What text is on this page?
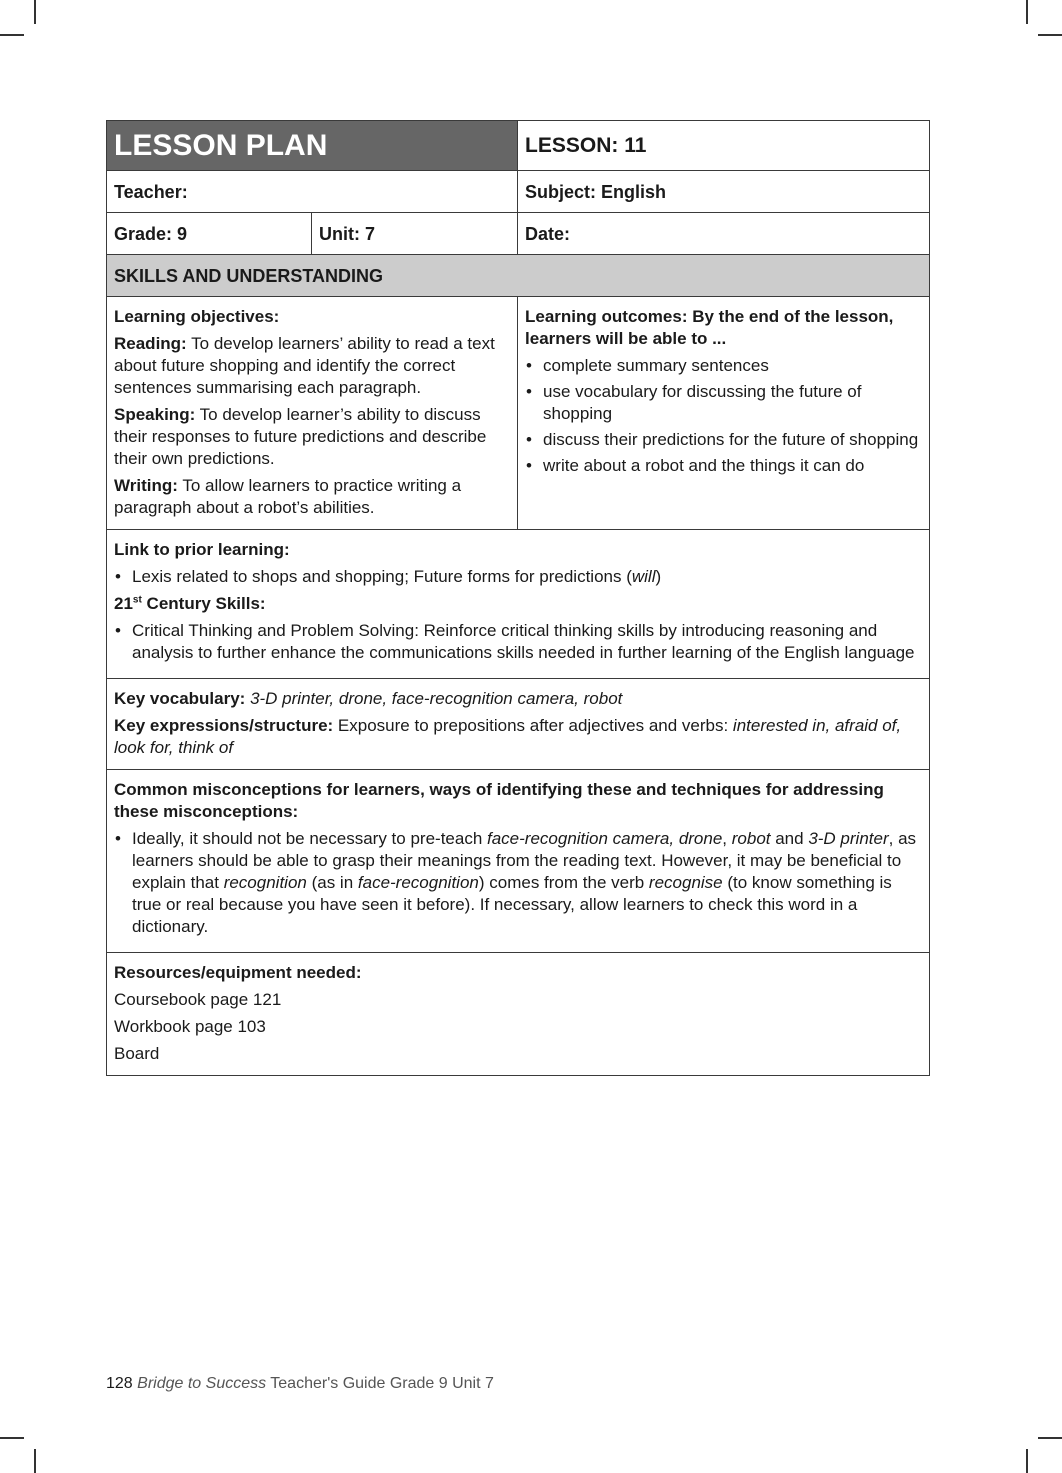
LESSON PLAN		LESSON: 11
Teacher:		Subject: English
Grade: 9	Unit: 7	Date:
SKILLS AND UNDERSTANDING		

Learning objectives:

Reading: To develop learners’ ability to read a text about future shopping and identify the correct sentences summarising each paragraph.

Speaking: To develop learner’s ability to discuss their responses to future predictions and describe their own predictions.

Writing: To allow learners to practice writing a paragraph about a robot’s abilities.

Learning outcomes: By the end of the lesson, learners will be able to ...

• complete summary sentences
• use vocabulary for discussing the future of shopping
• discuss their predictions for the future of shopping
• write about a robot and the things it can do

Link to prior learning:

• Lexis related to shops and shopping; Future forms for predictions (will)

21st Century Skills:

• Critical Thinking and Problem Solving: Reinforce critical thinking skills by introducing reasoning and analysis to further enhance the communications skills needed in further learning of the English language

Key vocabulary: 3-D printer, drone, face-recognition camera, robot

Key expressions/structure: Exposure to prepositions after adjectives and verbs: interested in, afraid of, look for, think of		

Common misconceptions for learners, ways of identifying these and techniques for addressing these misconceptions:

• Ideally, it should not be necessary to pre-teach face-recognition camera, drone, robot and 3-D printer, as learners should be able to grasp their meanings from the reading text. However, it may be beneficial to explain that recognition (as in face-recognition) comes from the verb recognise (to know something is true or real because you have seen it before). If necessary, allow learners to check this word in a dictionary.

Resources/equipment needed:

Coursebook page 121

Workbook page 103

Board		

128 Bridge to Success Teacher's Guide Grade 9 Unit 7
